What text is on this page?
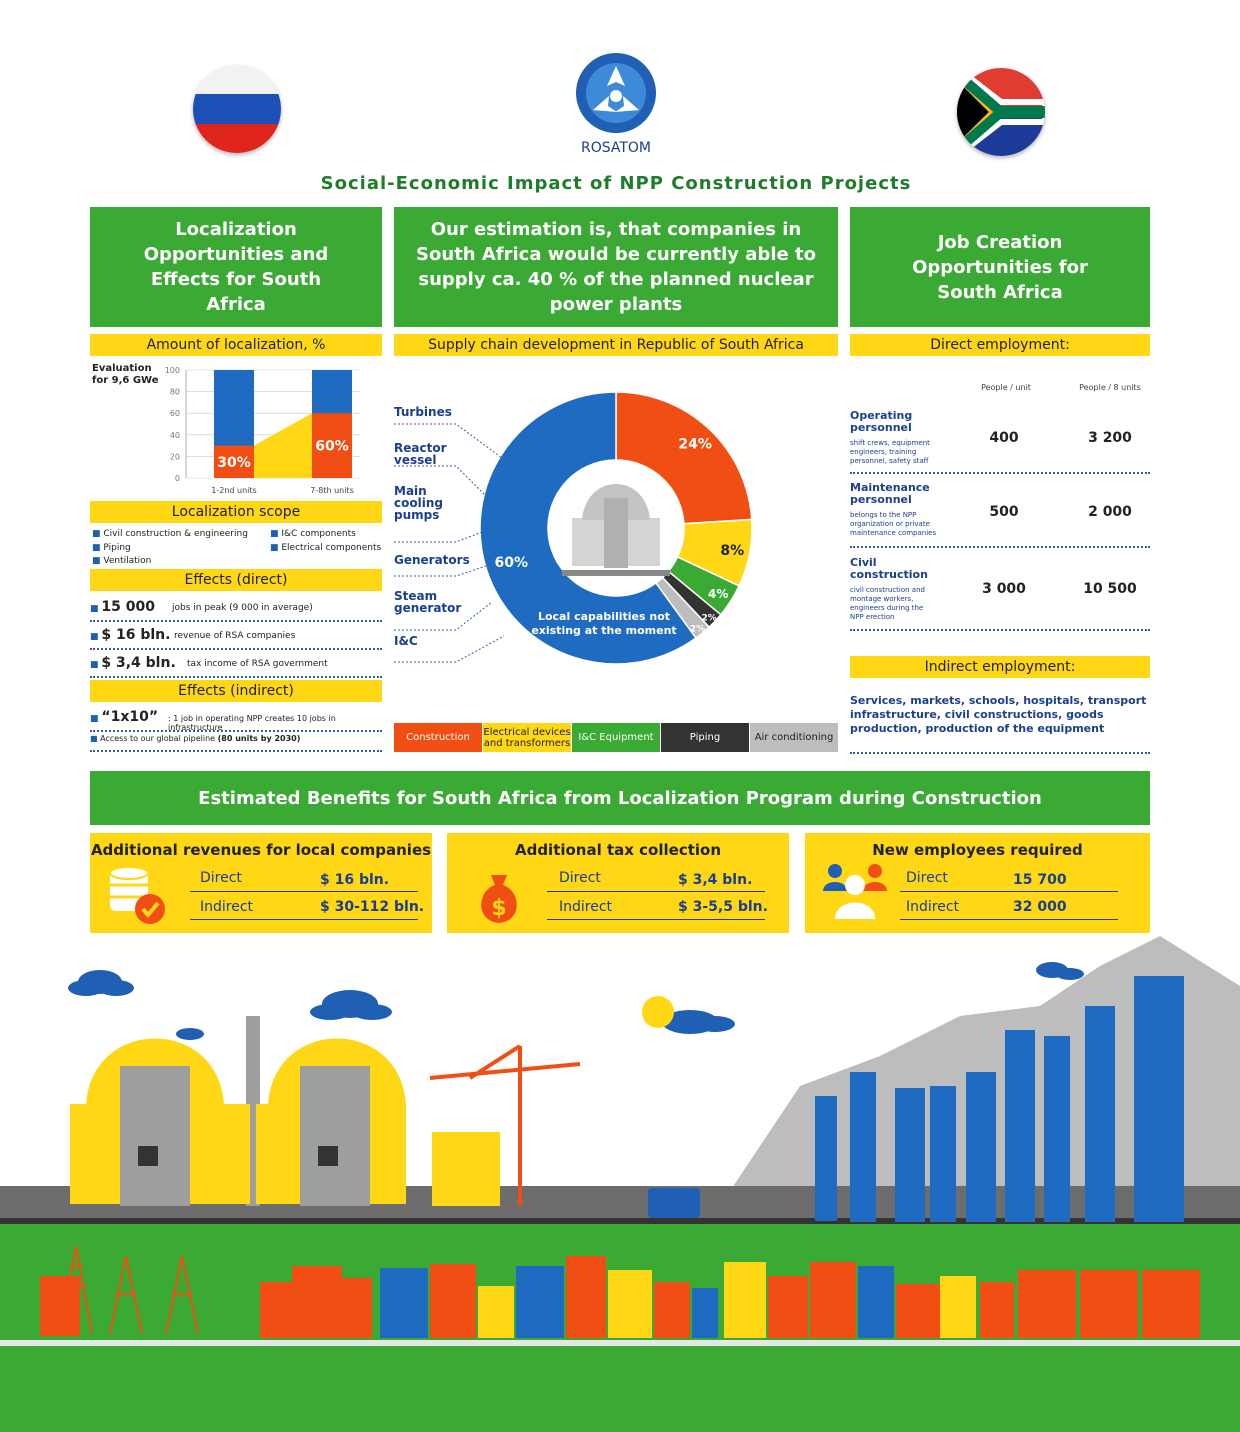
ROSATOM
Social-Economic Impact of NPP Construction Projects
Localization Opportunities and Effects for South Africa
Our estimation is, that companies in South Africa would be currently able to supply ca. 40 % of the planned nuclear power plants
Job Creation Opportunities for South Africa
Amount of localization, %
Evaluation for 9,6 GWe
0
20
40
60
80
100
30%
1-2nd units
60%
7-8th units
Localization scope
■ Civil construction & engineering
■ Piping
■ Ventilation
■ I&C components
■ Electrical components
Effects
(direct)
■ 15 000 jobs in peak (9 000 in average)
■ $ 16 bln. revenue of RSA companies
■ $ 3,4 bln. tax income of RSA government
Effects
(indirect)
■ “1x10” : 1 job in operating NPP creates 10 jobs in infrastructure
■ Access to our global pipeline (80 units by 2030)
Supply chain development in Republic of South Africa
24%
8%
4%
2%
2%
60%
Local capabilities not
existing at the moment
Turbines
Reactor
vessel
Main
cooling
pumps
Generators
Steam
generator
I&C
Construction	Electrical devices and transformers I&C Equipment	Piping	Air conditioning
Direct employment:
People / unit	People / 8 units
Operating personnel
shift crews, equipment engineers, training personnel, safety staff
400	3 200
Maintenance personnel
belongs to the NPP organization or private maintenance companies
500	2 000
Civil construction
civil construction and montage workers, engineers during the NPP erection
3 000	10 500
Indirect employment:
Services, markets, schools, hospitals, transport infrastructure, civil constructions, goods production, production of the equipment
Estimated Benefits for South Africa from Localization Program during Construction
Additional revenues for local companies
Direct	$ 16 bln.
Indirect	$ 30-112 bln.
Additional tax collection
$
Direct	$ 3,4 bln.
Indirect	$ 3-5,5 bln.
New employees required
Direct	15 700
Indirect	32 000
